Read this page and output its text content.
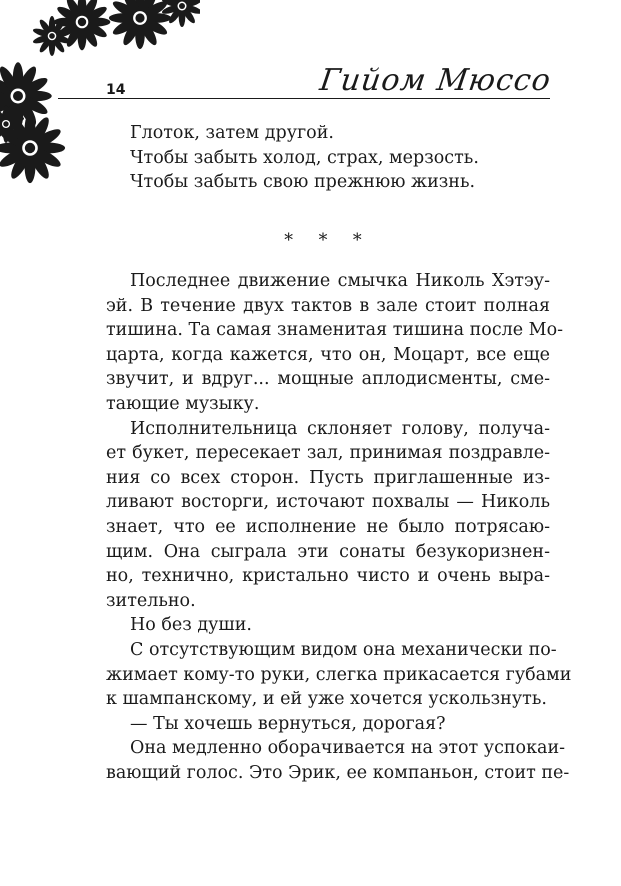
14	Гийом Мюссо
Глоток, затем другой.
Чтобы забыть холод, страх, мерзость.
Чтобы забыть свою прежнюю жизнь.
* * *
Последнее движение смычка Николь Хэтэу-
эй. В течение двух тактов в зале стоит полная
тишина. Та самая знаменитая тишина после Мо-
царта, когда кажется, что он, Моцарт, все еще
звучит, и вдруг... мощные аплодисменты, сме-
тающие музыку.
Исполнительница склоняет голову, получа-
ет букет, пересекает зал, принимая поздравле-
ния со всех сторон. Пусть приглашенные из-
ливают восторги, источают похвалы — Николь
знает, что ее исполнение не было потрясаю-
щим. Она сыграла эти сонаты безукоризнен-
но, технично, кристально чисто и очень выра-
зительно.
Но без души.
С отсутствующим видом она механически по-
жимает кому-то руки, слегка прикасается губами
к шампанскому, и ей уже хочется ускользнуть.
— Ты хочешь вернуться, дорогая?
Она медленно оборачивается на этот успокаи-
вающий голос. Это Эрик, ее компаньон, стоит пе-
